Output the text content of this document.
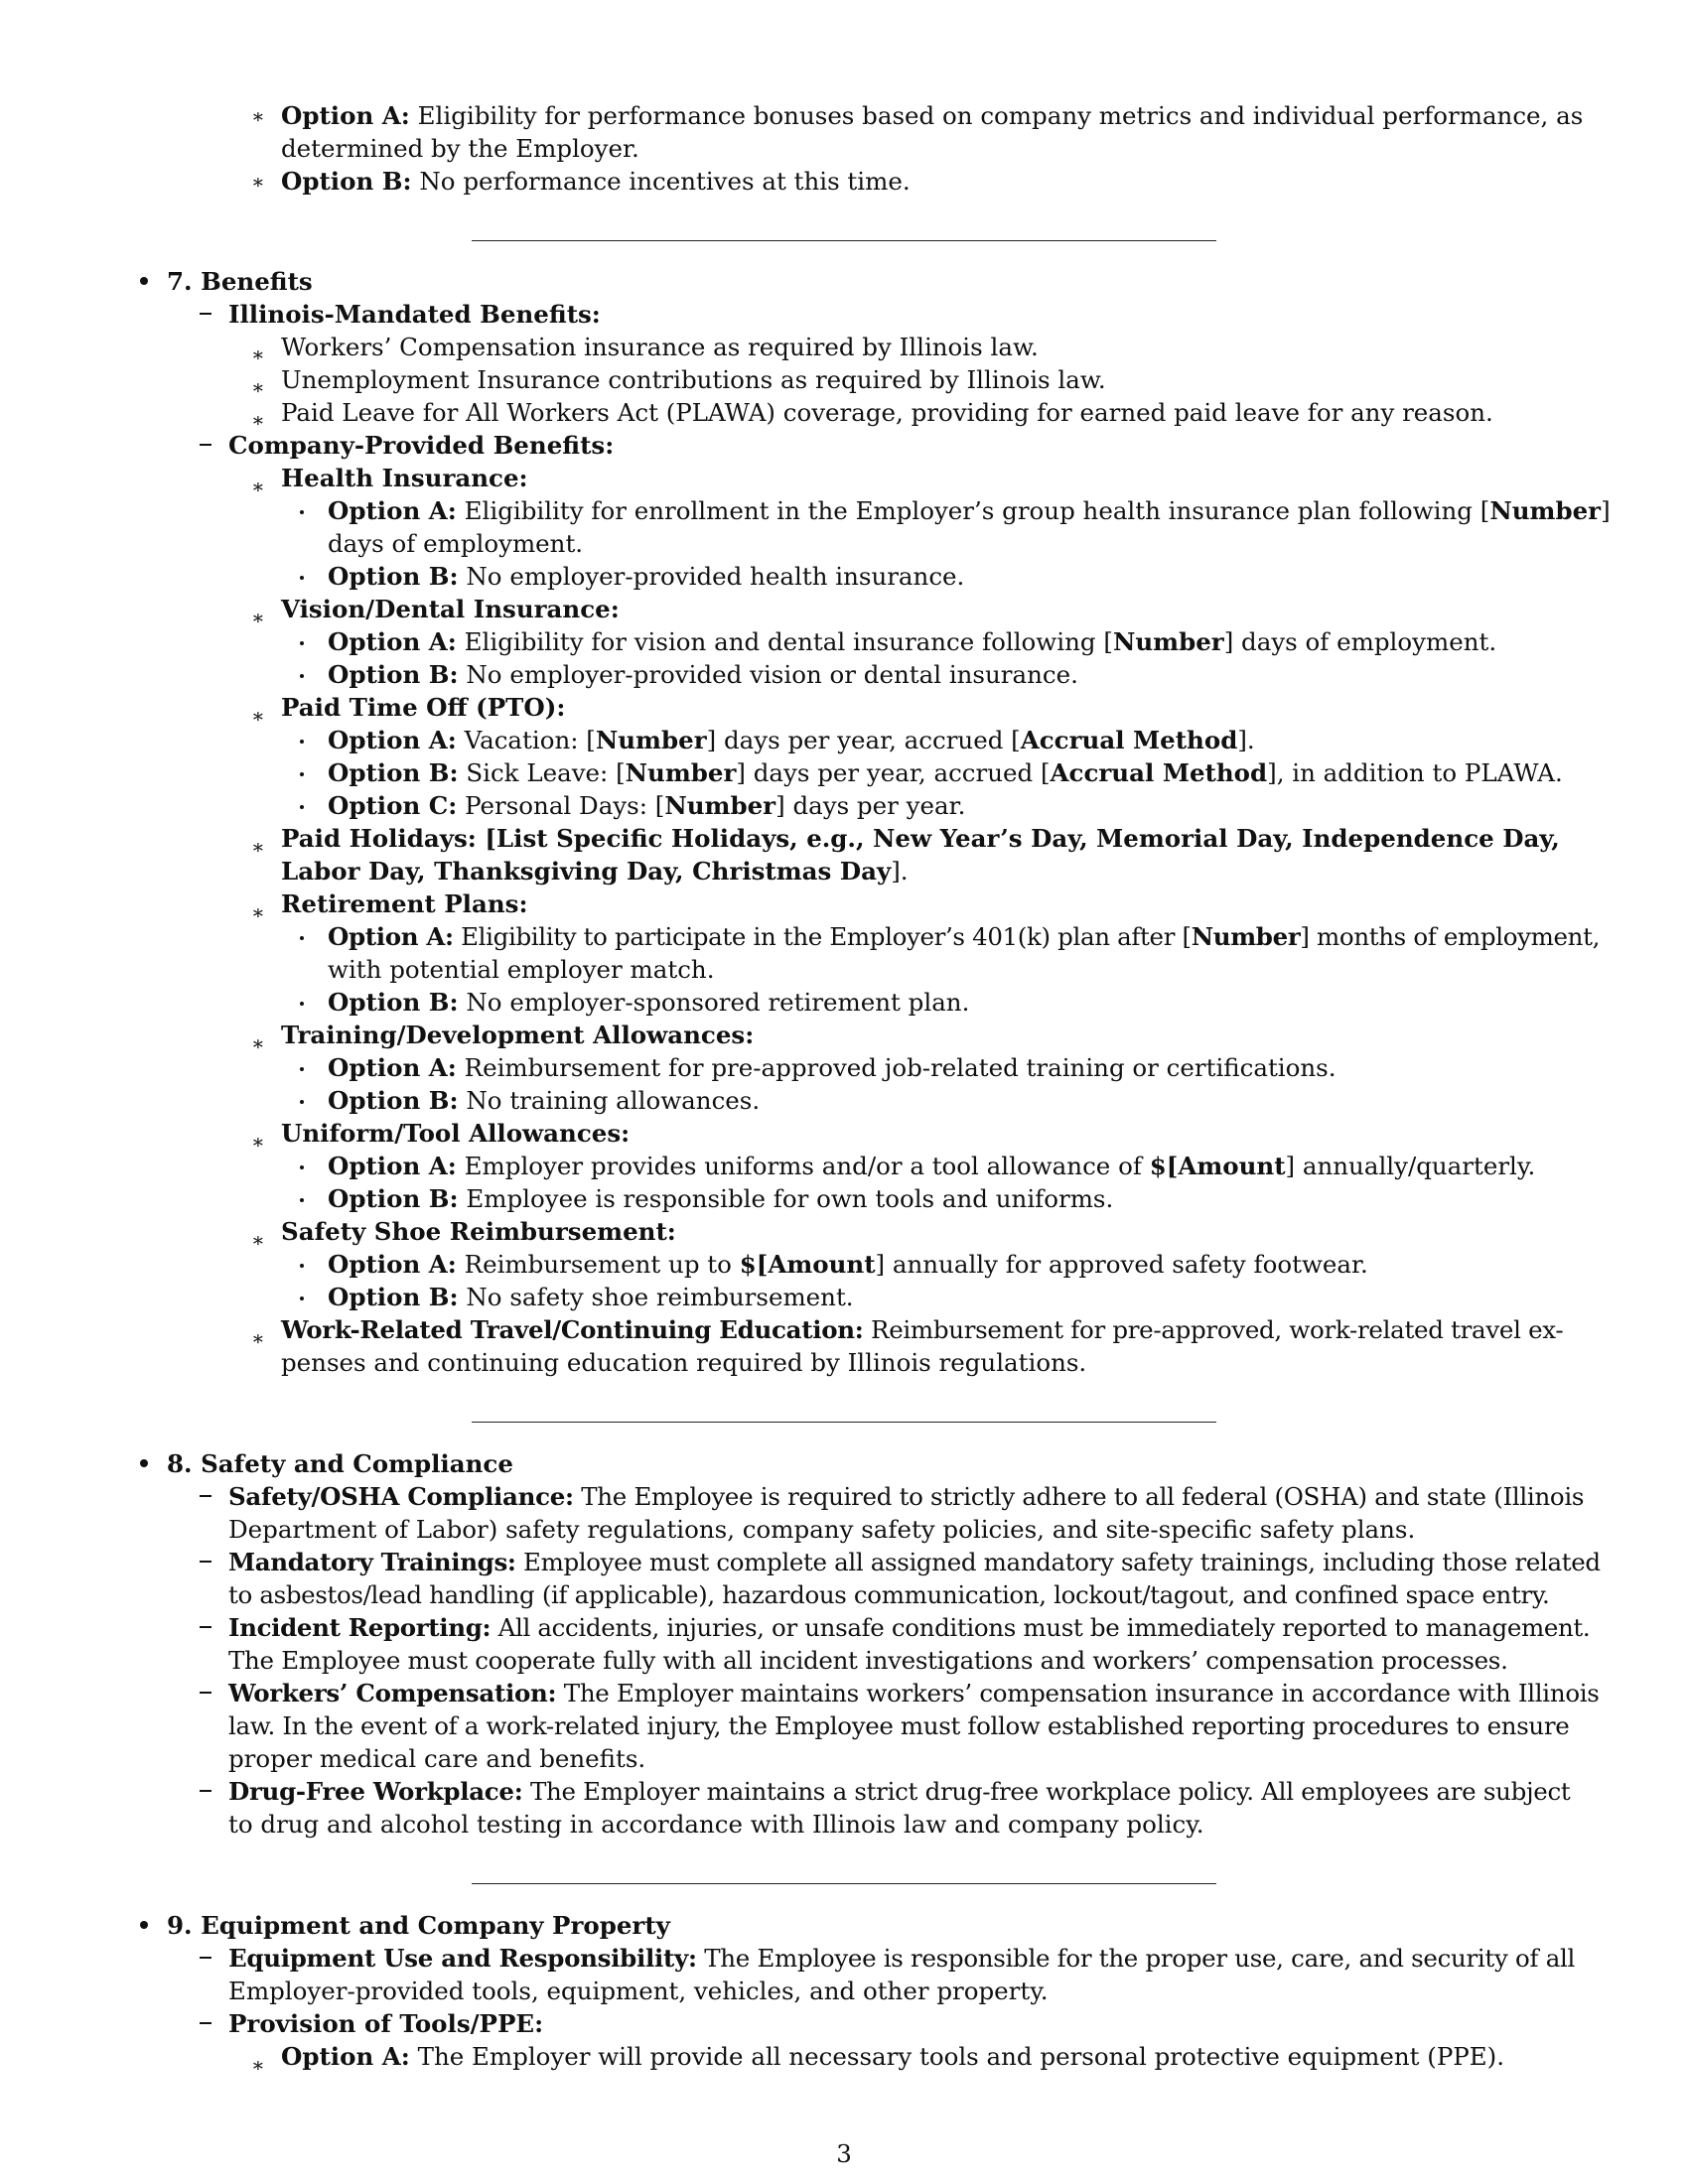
∗ Option A: Eligibility for performance bonuses based on company metrics and individual performance, as
determined by the Employer.
∗ Option B: No performance incentives at this time.
7. Benefits
Illinois-Mandated Benefits:
∗ Workers’ Compensation insurance as required by Illinois law.
∗ Unemployment Insurance contributions as required by Illinois law.
∗ Paid Leave for All Workers Act (PLAWA) coverage, providing for earned paid leave for any reason.
Company-Provided Benefits:
∗ Health Insurance:
Option A: Eligibility for enrollment in the Employer’s group health insurance plan following [Number]
days of employment.
Option B: No employer-provided health insurance.
∗ Vision/Dental Insurance:
Option A: Eligibility for vision and dental insurance following [Number] days of employment.
Option B: No employer-provided vision or dental insurance.
∗ Paid Time Off (PTO):
Option A: Vacation: [Number] days per year, accrued [Accrual Method].
Option B: Sick Leave: [Number] days per year, accrued [Accrual Method], in addition to PLAWA.
Option C: Personal Days: [Number] days per year.
∗ Paid Holidays: [List Specific Holidays, e.g., New Year’s Day, Memorial Day, Independence Day,
Labor Day, Thanksgiving Day, Christmas Day].
∗ Retirement Plans:
Option A: Eligibility to participate in the Employer’s 401(k) plan after [Number] months of employment,
with potential employer match.
Option B: No employer-sponsored retirement plan.
∗ Training/Development Allowances:
Option A: Reimbursement for pre-approved job-related training or certifications.
Option B: No training allowances.
∗ Uniform/Tool Allowances:
Option A: Employer provides uniforms and/or a tool allowance of $[Amount] annually/quarterly.
Option B: Employee is responsible for own tools and uniforms.
∗ Safety Shoe Reimbursement:
Option A: Reimbursement up to $[Amount] annually for approved safety footwear.
Option B: No safety shoe reimbursement.
∗ Work-Related Travel/Continuing Education: Reimbursement for pre-approved, work-related travel ex-
penses and continuing education required by Illinois regulations.
8. Safety and Compliance
Safety/OSHA Compliance: The Employee is required to strictly adhere to all federal (OSHA) and state (Illinois
Department of Labor) safety regulations, company safety policies, and site-specific safety plans.
Mandatory Trainings: Employee must complete all assigned mandatory safety trainings, including those related
to asbestos/lead handling (if applicable), hazardous communication, lockout/tagout, and confined space entry.
Incident Reporting: All accidents, injuries, or unsafe conditions must be immediately reported to management.
The Employee must cooperate fully with all incident investigations and workers’ compensation processes.
Workers’ Compensation: The Employer maintains workers’ compensation insurance in accordance with Illinois
law. In the event of a work-related injury, the Employee must follow established reporting procedures to ensure
proper medical care and benefits.
Drug-Free Workplace: The Employer maintains a strict drug-free workplace policy. All employees are subject
to drug and alcohol testing in accordance with Illinois law and company policy.
9. Equipment and Company Property
Equipment Use and Responsibility: The Employee is responsible for the proper use, care, and security of all
Employer-provided tools, equipment, vehicles, and other property.
Provision of Tools/PPE:
∗ Option A: The Employer will provide all necessary tools and personal protective equipment (PPE).
3
